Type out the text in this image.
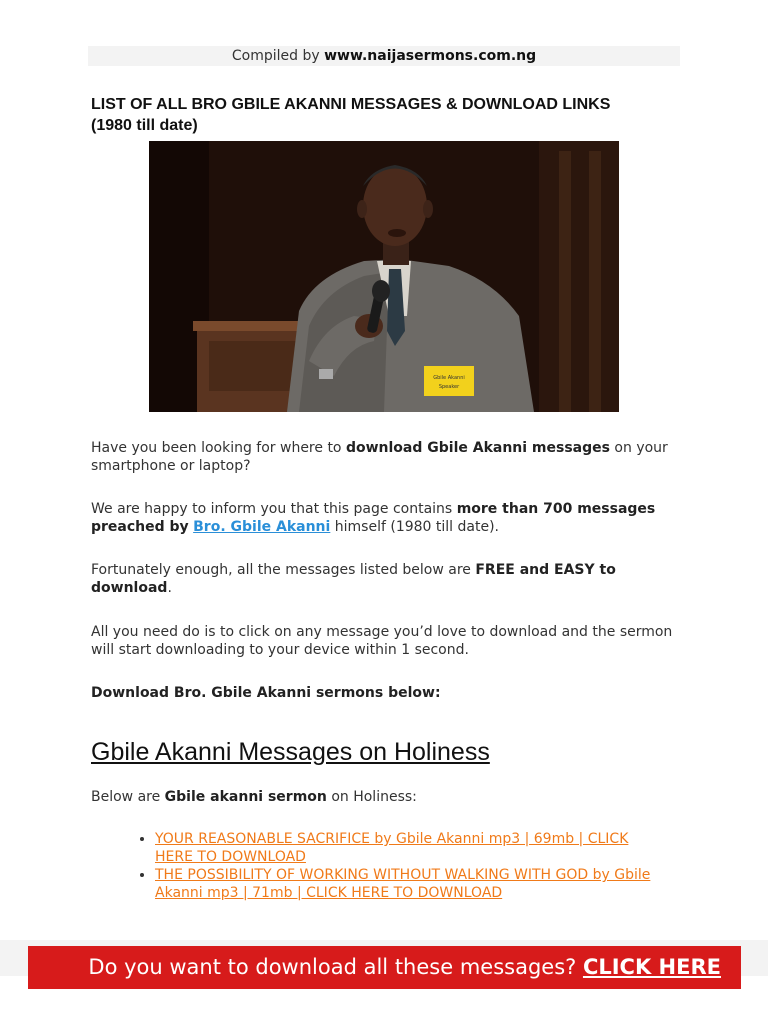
Compiled by www.naijasermons.com.ng
LIST OF ALL BRO GBILE AKANNI MESSAGES & DOWNLOAD LINKS
(1980 till date)
Gbile Akanni
Speaker
Have you been looking for where to download Gbile Akanni messages on your smartphone or laptop?
We are happy to inform you that this page contains more than 700 messages preached by Bro. Gbile Akanni himself (1980 till date).
Fortunately enough, all the messages listed below are FREE and EASY to download.
All you need do is to click on any message you’d love to download and the sermon will start downloading to your device within 1 second.
Download Bro. Gbile Akanni sermons below:
Gbile Akanni Messages on Holiness
Below are Gbile akanni sermon on Holiness:
• YOUR REASONABLE SACRIFICE by Gbile Akanni mp3 | 69mb | CLICK HERE TO DOWNLOAD
• THE POSSIBILITY OF WORKING WITHOUT WALKING WITH GOD by Gbile Akanni mp3 | 71mb | CLICK HERE TO DOWNLOAD
Do you want to download all these messages? CLICK HERE
